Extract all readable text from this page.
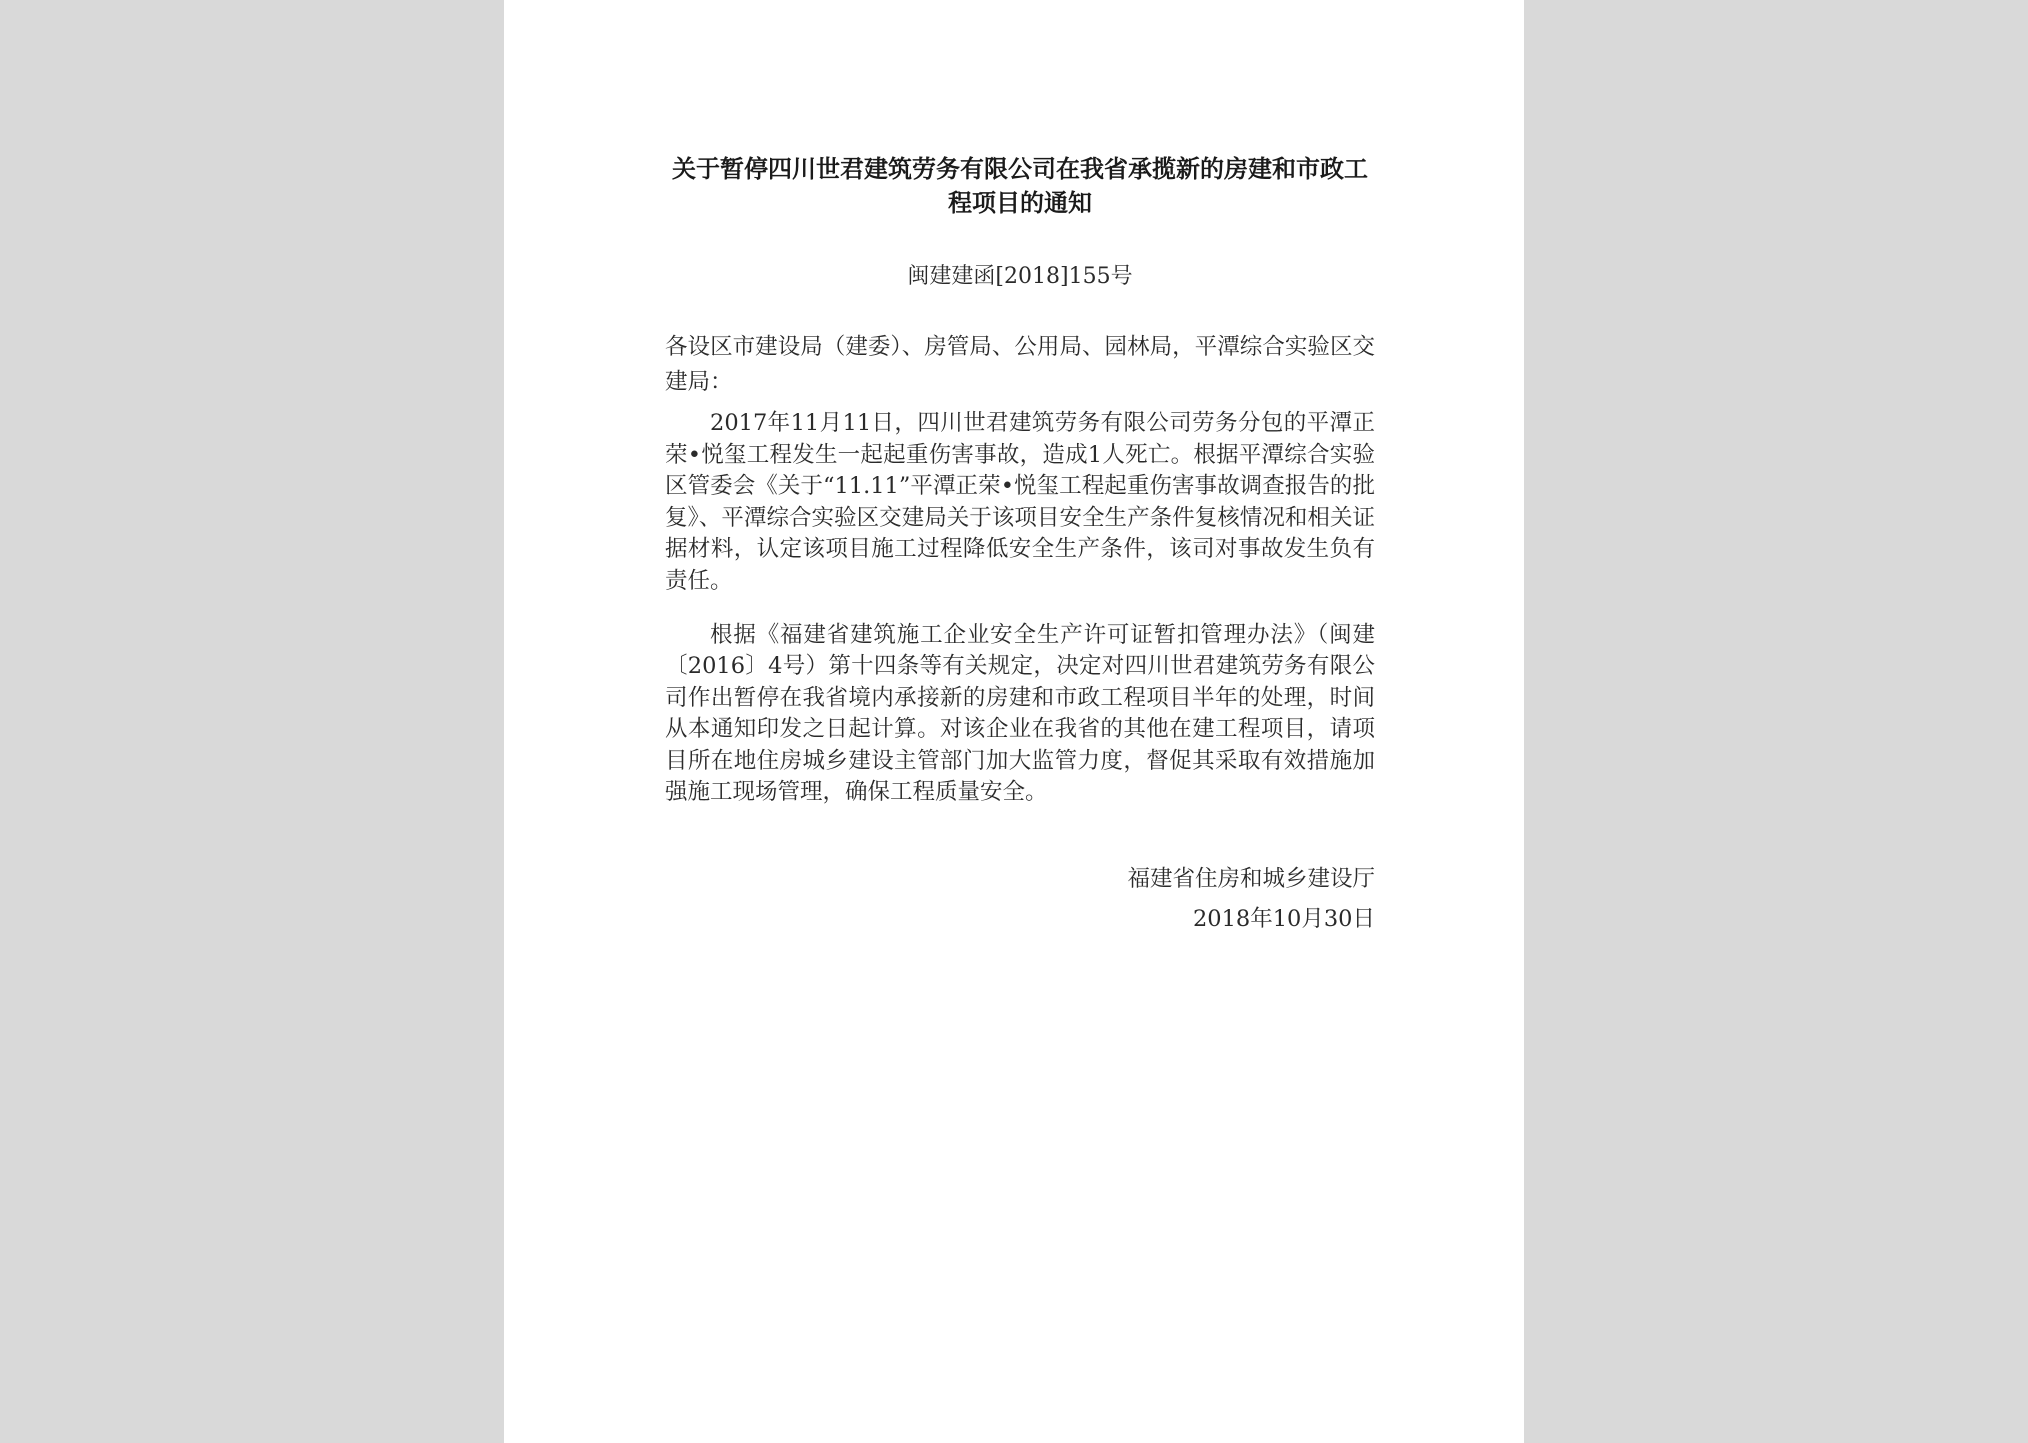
关于暂停四川世君建筑劳务有限公司在我省承揽新的房建和市政工程项目的通知
闽建建函[2018]155号
各设区市建设局（建委）、房管局、公用局、园林局，平潭综合实验区交建局：

2017年11月11日，四川世君建筑劳务有限公司劳务分包的平潭正荣•悦玺工程发生一起起重伤害事故，造成1人死亡。根据平潭综合实验区管委会《关于“11.11”平潭正荣•悦玺工程起重伤害事故调查报告的批复》、平潭综合实验区交建局关于该项目安全生产条件复核情况和相关证据材料，认定该项目施工过程降低安全生产条件，该司对事故发生负有责任。

根据《福建省建筑施工企业安全生产许可证暂扣管理办法》（闽建〔2016〕4号）第十四条等有关规定，决定对四川世君建筑劳务有限公司作出暂停在我省境内承接新的房建和市政工程项目半年的处理，时间从本通知印发之日起计算。对该企业在我省的其他在建工程项目，请项目所在地住房城乡建设主管部门加大监管力度，督促其采取有效措施加强施工现场管理，确保工程质量安全。

福建省住房和城乡建设厅
2018年10月30日
